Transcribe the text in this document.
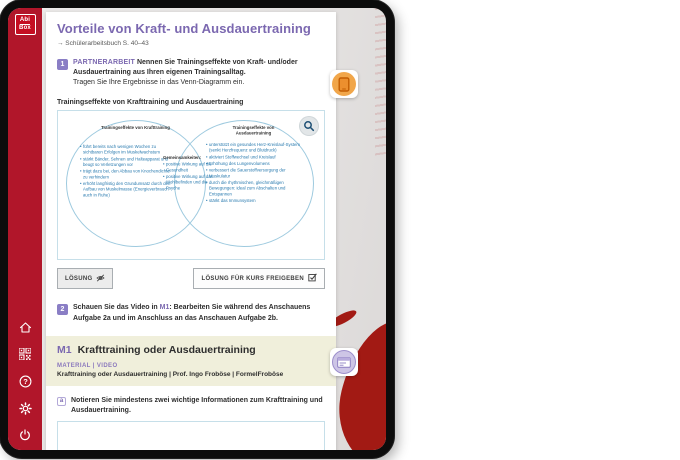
Abi
Box
?
Vorteile von Kraft- und Ausdauertraining
→ Schülerarbeitsbuch S. 40–43
1	PARTNERARBEIT Nennen Sie Trainingseffekte von Kraft- und/oder Ausdauertraining aus Ihren eigenen Trainingsalltag.
Tragen Sie Ihre Ergebnisse in das Venn-Diagramm ein.
Trainingseffekte von Krafttraining und Ausdauertraining
Trainingseffekte von Krafttraining
• führt bereits nach wenigen Wochen zu sichtbaren Erfolgen im Muskelwachstum
• stärkt Bänder, Sehnen und Halteapparat und beugt so Verletzungen vor
• trägt dazu bei, den Abbau von Knochendichte zu verhindern
• erhöht langfristig den Grundumsatz durch den Aufbau von Muskelmasse (Energieverbrauch auch in Ruhe)
Gemeinsamkeiten:
• positive Wirkung auf die Gesundheit
• positive Wirkung auf das Wohlbefinden und die Psyche
Trainingseffekte von Ausdauertraining
• unterstützt ein gesundes Herz-Kreislauf-System (senkt Herzfrequenz und Blutdruck)
• aktiviert Stoffwechsel und Kreislauf
• Erhöhung des Lungenvolumens
• verbessert die Sauerstoffversorgung der Muskulatur
• durch die rhythmischen, gleichmäßigen Bewegungen: ideal zum Abschalten und Entspannen
• stärkt das Immunsystem
LÖSUNG	LÖSUNG FÜR KURS FREIGEBEN
2	Schauen Sie das Video in M1: Bearbeiten Sie während des Anschauens Aufgabe 2a und im Anschluss an das Anschauen Aufgabe 2b.
M1 Krafttraining oder Ausdauertraining
MATERIAL | VIDEO
Krafttraining oder Ausdauertraining | Prof. Ingo Froböse | FormelFroböse
a	Notieren Sie mindestens zwei wichtige Informationen zum Krafttraining und Ausdauertraining.
